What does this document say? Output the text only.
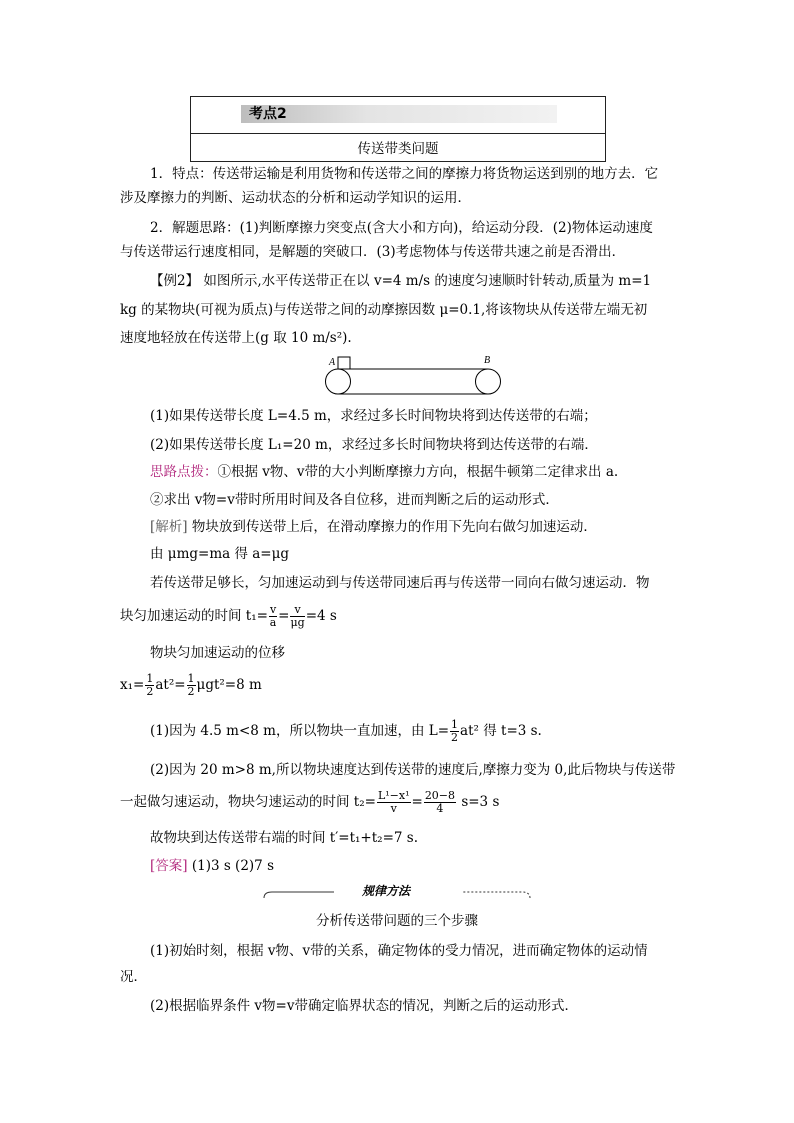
考点2
传送带类问题
1．特点：传送带运输是利用货物和传送带之间的摩擦力将货物运送到别的地方去．它
涉及摩擦力的判断、运动状态的分析和运动学知识的运用．
2．解题思路：(1)判断摩擦力突变点(含大小和方向)，给运动分段．(2)物体运动速度
与传送带运行速度相同，是解题的突破口．(3)考虑物体与传送带共速之前是否滑出．
【例2】 如图所示,水平传送带正在以 v=4 m/s 的速度匀速顺时针转动,质量为 m=1
kg 的某物块(可视为质点)与传送带之间的动摩擦因数 μ=0.1,将该物块从传送带左端无初
速度地轻放在传送带上(g 取 10 m/s²).
A	B
(1)如果传送带长度 L=4.5 m，求经过多长时间物块将到达传送带的右端；
(2)如果传送带长度 L₁=20 m，求经过多长时间物块将到达传送带的右端．
思路点拨：①根据 v物、v带的大小判断摩擦力方向，根据牛顿第二定律求出 a.
②求出 v物=v带时所用时间及各自位移，进而判断之后的运动形式．
[解析] 物块放到传送带上后，在滑动摩擦力的作用下先向右做匀加速运动．
由 μmg=ma 得 a=μg
若传送带足够长，匀加速运动到与传送带同速后再与传送带一同向右做匀速运动．物
块匀加速运动的时间 $t_1= \frac{v}{a} = \frac{v}{\mu g} =4$ s
物块匀加速运动的位移
$x_1= \frac{1}{2} at^2= \frac{1}{2} \mu gt^2=8$ m
(1)因为 4.5 m<8 m，所以物块一直加速，由 $L= \frac{1}{2} at^2$ 得 t=3 s.
(2)因为 20 m>8 m,所以物块速度达到传送带的速度后,摩擦力变为 0,此后物块与传送带
一起做匀速运动，物块匀速运动的时间 $t_2= \frac{\text{L¹−x¹}}{v} = \frac{20-8}{4} s=3$ s
故物块到达传送带右端的时间 t′=t₁+t₂=7 s.
[答案] (1)3 s (2)7 s
规律方法
分析传送带问题的三个步骤
(1)初始时刻，根据 v物、v带的关系，确定物体的受力情况，进而确定物体的运动情
况．
(2)根据临界条件 v物=v带确定临界状态的情况，判断之后的运动形式．
